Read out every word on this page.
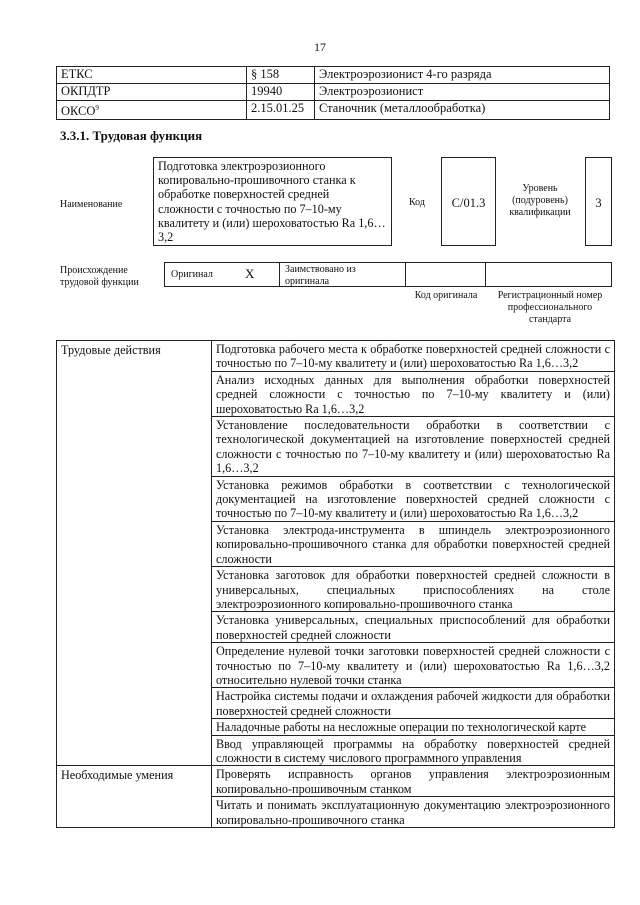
17
ЕТКС	§ 158	Электроэрозионист 4-го разряда
ОКПДТР	19940	Электроэрозионист
ОКСО$^9$	2.15.01.25	Станочник (металлообработка)
3.3.1. Трудовая функция
Наименование
Подготовка электроэрозионного копировально-прошивочного станка к обработке поверхностей средней сложности с точностью по 7–10-му квалитету и (или) шероховатостью Ra 1,6…3,2
Код	С/01.3
Уровень (подуровень) квалификации
3
Происхождение трудовой функции
Оригинал X	Заимствовано из оригинала
Код оригинала	Регистрационный номер профессионального стандарта
Трудовые действия	Подготовка рабочего места к обработке поверхностей средней сложности с точностью по 7–10-му квалитету и (или) шероховатостью Ra 1,6…3,2
	Анализ исходных данных для выполнения обработки поверхностей средней сложности с точностью по 7–10-му квалитету и (или) шероховатостью Ra 1,6…3,2
	Установление последовательности обработки в соответствии с технологической документацией на изготовление поверхностей средней сложности с точностью по 7–10-му квалитету и (или) шероховатостью Ra 1,6…3,2
	Установка режимов обработки в соответствии с технологической документацией на изготовление поверхностей средней сложности с точностью по 7–10-му квалитету и (или) шероховатостью Ra 1,6…3,2
	Установка электрода-инструмента в шпиндель электроэрозионного копировально-прошивочного станка для обработки поверхностей средней сложности
	Установка заготовок для обработки поверхностей средней сложности в универсальных, специальных приспособлениях на столе электроэрозионного копировально-прошивочного станка
	Установка универсальных, специальных приспособлений для обработки поверхностей средней сложности
	Определение нулевой точки заготовки поверхностей средней сложности с точностью по 7–10-му квалитету и (или) шероховатостью Ra 1,6…3,2 относительно нулевой точки станка
	Настройка системы подачи и охлаждения рабочей жидкости для обработки поверхностей средней сложности
	Наладочные работы на несложные операции по технологической карте
	Ввод управляющей программы на обработку поверхностей средней сложности в систему числового программного управления
Необходимые умения	Проверять исправность органов управления электроэрозионным копировально-прошивочным станком
	Читать и понимать эксплуатационную документацию электроэрозионного копировально-прошивочного станка
